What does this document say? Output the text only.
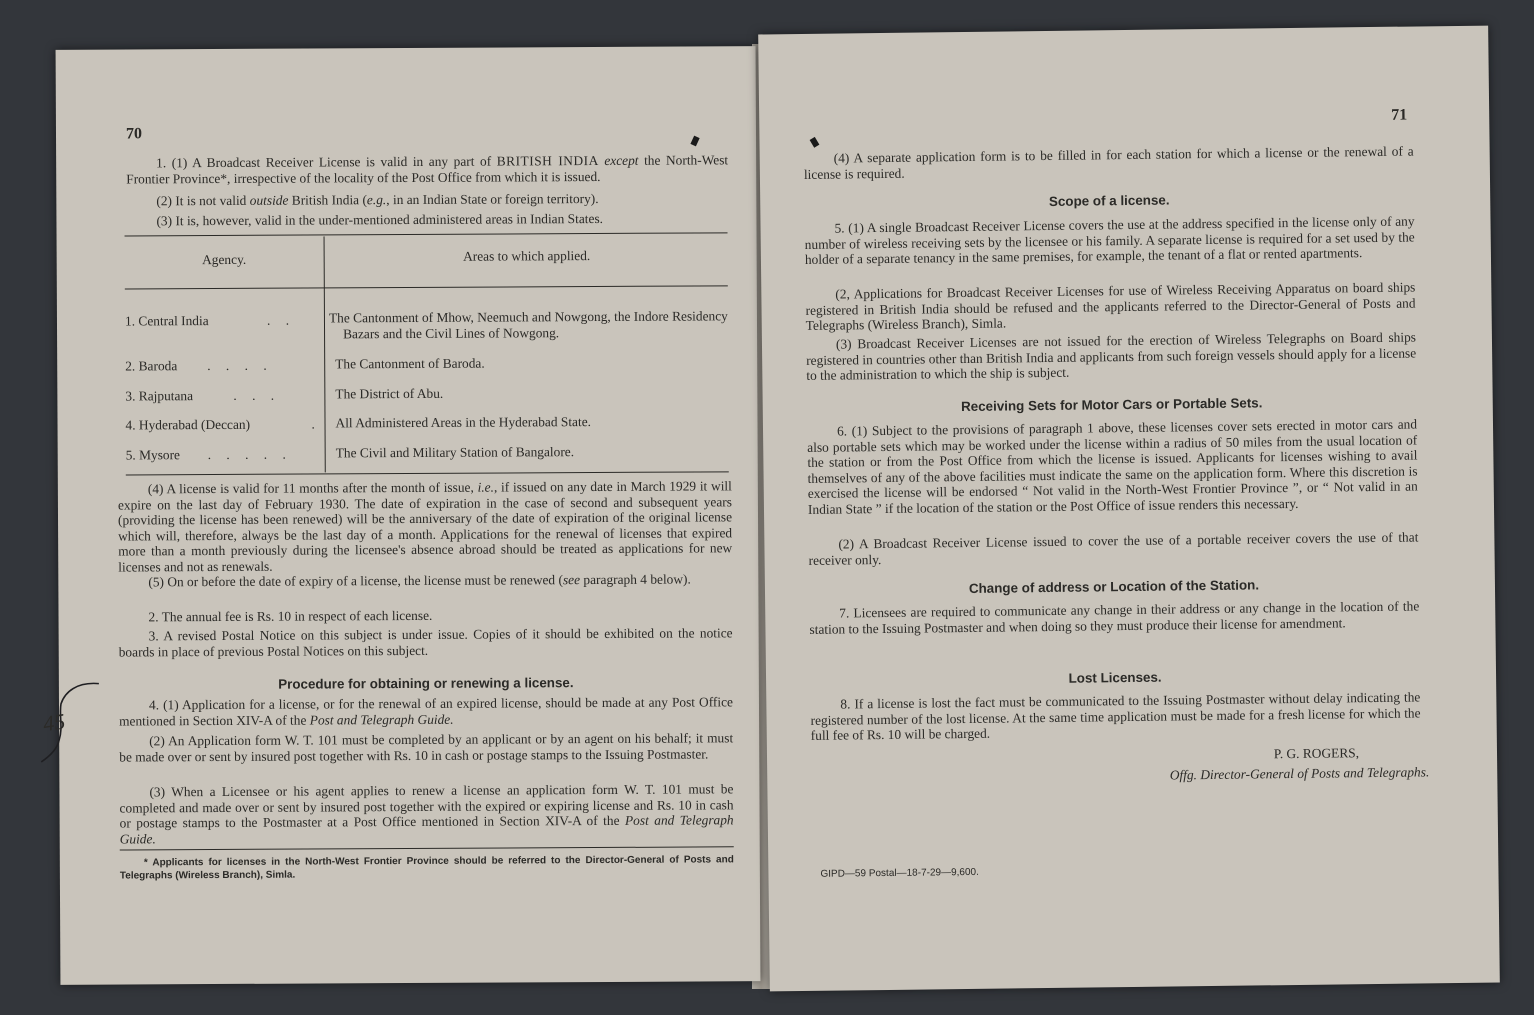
70
1. (1) A Broadcast Receiver License is valid in any part of BRITISH INDIA except the North-West Frontier Province*, irrespective of the locality of the Post Office from which it is issued.
(2) It is not valid outside British India (e.g., in an Indian State or foreign territory).
(3) It is, however, valid in the under-mentioned administered areas in Indian States.
Agency.	Areas to which applied.
1. Central India	. .	The Cantonment of Mhow, Neemuch and Nowgong, the Indore Residency Bazars and the Civil Lines of Nowgong.
2. Baroda . . . .	The Cantonment of Baroda.
3. Rajputana	. . .	The District of Abu.
4. Hyderabad (Deccan)	. All Administered Areas in the Hyderabad State.
5. Mysore . . . . .	The Civil and Military Station of Bangalore.
(4) A license is valid for 11 months after the month of issue, i.e., if issued on any date in March 1929 it will expire on the last day of February 1930. The date of expiration in the case of second and subsequent years (providing the license has been renewed) will be the anniversary of the date of expiration of the original license which will, therefore, always be the last day of a month. Applications for the renewal of licenses that expired more than a month previously during the licensee's absence abroad should be treated as applications for new licenses and not as renewals.
(5) On or before the date of expiry of a license, the license must be renewed (see paragraph 4 below).
2. The annual fee is Rs. 10 in respect of each license.
3. A revised Postal Notice on this subject is under issue. Copies of it should be exhibited on the notice boards in place of previous Postal Notices on this subject.
Procedure for obtaining or renewing a license.
4. (1) Application for a license, or for the renewal of an expired license, should be made at any Post Office mentioned in Section XIV-A of the Post and Telegraph Guide.
(2) An Application form W. T. 101 must be completed by an applicant or by an agent on his behalf; it must be made over or sent by insured post together with Rs. 10 in cash or postage stamps to the Issuing Postmaster.
(3) When a Licensee or his agent applies to renew a license an application form W. T. 101 must be completed and made over or sent by insured post together with the expired or expiring license and Rs. 10 in cash or postage stamps to the Postmaster at a Post Office mentioned in Section XIV-A of the Post and Telegraph Guide.
* Applicants for licenses in the North-West Frontier Province should be referred to the Director-General of Posts and Telegraphs (Wireless Branch), Simla.
45
71
(4) A separate application form is to be filled in for each station for which a license or the renewal of a license is required.
Scope of a license.
5. (1) A single Broadcast Receiver License covers the use at the address specified in the license only of any number of wireless receiving sets by the licensee or his family. A separate license is required for a set used by the holder of a separate tenancy in the same premises, for example, the tenant of a flat or rented apartments.
(2, Applications for Broadcast Receiver Licenses for use of Wireless Receiving Apparatus on board ships registered in British India should be refused and the applicants referred to the Director-General of Posts and Telegraphs (Wireless Branch), Simla.
(3) Broadcast Receiver Licenses are not issued for the erection of Wireless Telegraphs on Board ships registered in countries other than British India and applicants from such foreign vessels should apply for a license to the administration to which the ship is subject.
Receiving Sets for Motor Cars or Portable Sets.
6. (1) Subject to the provisions of paragraph 1 above, these licenses cover sets erected in motor cars and also portable sets which may be worked under the license within a radius of 50 miles from the usual location of the station or from the Post Office from which the license is issued. Applicants for licenses wishing to avail themselves of any of the above facilities must indicate the same on the application form. Where this discretion is exercised the license will be endorsed “ Not valid in the North-West Frontier Province ”, or “ Not valid in an Indian State ” if the location of the station or the Post Office of issue renders this necessary.
(2) A Broadcast Receiver License issued to cover the use of a portable receiver covers the use of that receiver only.
Change of address or Location of the Station.
7. Licensees are required to communicate any change in their address or any change in the location of the station to the Issuing Postmaster and when doing so they must produce their license for amendment.
Lost Licenses.
8. If a license is lost the fact must be communicated to the Issuing Postmaster without delay indicating the registered number of the lost license. At the same time application must be made for a fresh license for which the full fee of Rs. 10 will be charged.
P. G. ROGERS,
Offg. Director-General of Posts and Telegraphs.
GIPD—59 Postal—18-7-29—9,600.
